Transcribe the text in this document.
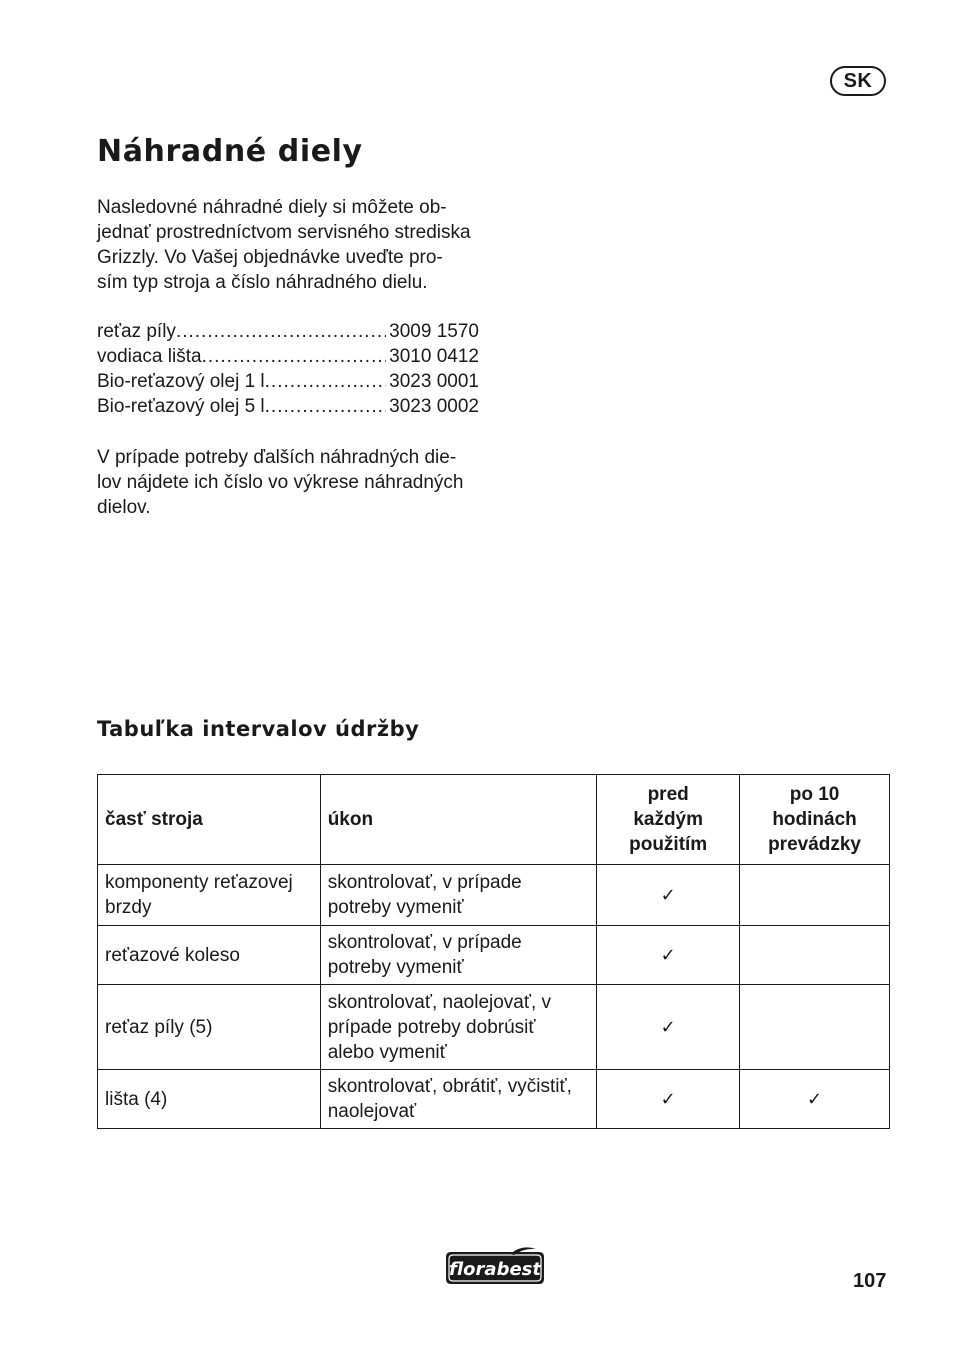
SK
Náhradné diely

Nasledovné náhradné diely si môžete ob-
jednať prostredníctvom servisného strediska
Grizzly. Vo Vašej objednávke uveďte pro-
sím typ stroja a číslo náhradného dielu.

reťaz píly .....	3009 1570
vodiaca lišta .....	3010 0412
Bio-reťazový olej 1 l .....	3023 0001
Bio-reťazový olej 5 l .....	3023 0002

V prípade potreby ďalších náhradných die-
lov nájdete ich číslo vo výkrese náhradných
dielov.

Tabuľka intervalov údržby
časť stroja	úkon	pred
každým
použitím	po 10
hodinách
prevádzky
komponenty reťazovej
brzdy	skontrolovať, v prípade
potreby vymeniť	✓	
reťazové koleso	skontrolovať, v prípade
potreby vymeniť	✓	
reťaz píly (5)	skontrolovať, naolejovať, v
prípade potreby dobrúsiť
alebo vymeniť	✓	
lišta (4)	skontrolovať, obrátiť, vyčistiť,
naolejovať	✓	✓
florabest
107
